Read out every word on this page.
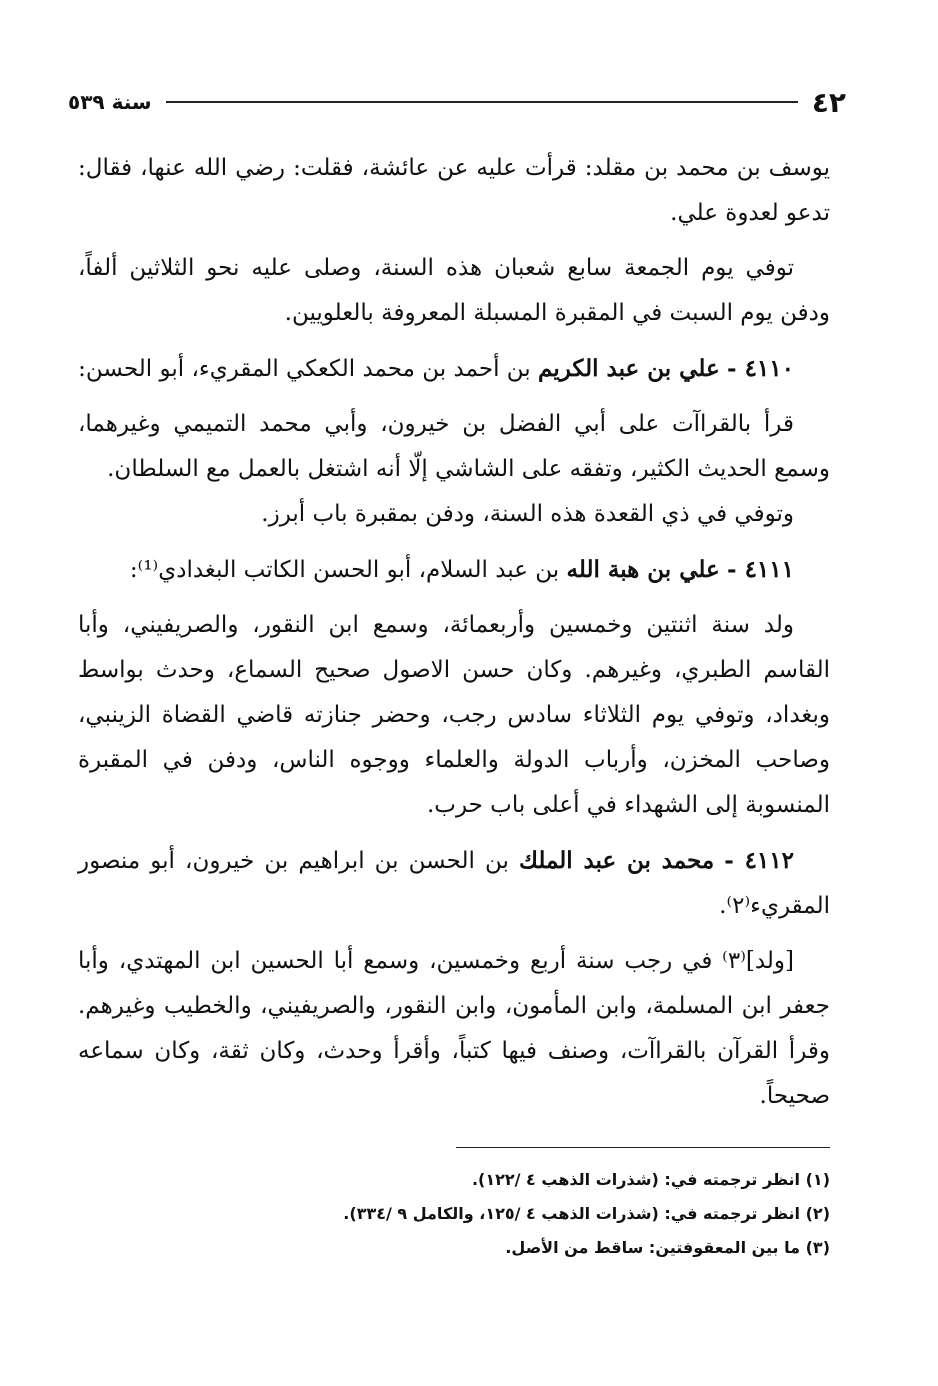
٤٢
سنة ٥٣٩

يوسف بن محمد بن مقلد: قرأت عليه عن عائشة، فقلت: رضي الله عنها، فقال: تدعو لعدوة علي.

توفي يوم الجمعة سابع شعبان هذه السنة، وصلى عليه نحو الثلاثين ألفاً، ودفن يوم السبت في المقبرة المسبلة المعروفة بالعلويين.

٤١١٠ - علي بن عبد الكريم بن أحمد بن محمد الكعكي المقريء، أبو الحسن:

قرأ بالقراآت على أبي الفضل بن خيرون، وأبي محمد التميمي وغيرهما، وسمع الحديث الكثير، وتفقه على الشاشي إلّا أنه اشتغل بالعمل مع السلطان.

وتوفي في ذي القعدة هذه السنة، ودفن بمقبرة باب أبرز.

٤١١١ - علي بن هبة الله بن عبد السلام، أبو الحسن الكاتب البغدادي⁽¹⁾:

ولد سنة اثنتين وخمسين وأربعمائة، وسمع ابن النقور، والصريفيني، وأبا القاسم الطبري، وغيرهم. وكان حسن الاصول صحيح السماع، وحدث بواسط وبغداد، وتوفي يوم الثلاثاء سادس رجب، وحضر جنازته قاضي القضاة الزينبي، وصاحب المخزن، وأرباب الدولة والعلماء ووجوه الناس، ودفن في المقبرة المنسوبة إلى الشهداء في أعلى باب حرب.

٤١١٢ - محمد بن عبد الملك بن الحسن بن ابراهيم بن خيرون، أبو منصور المقريء⁽٢⁾.

[ولد]⁽٣⁾ في رجب سنة أربع وخمسين، وسمع أبا الحسين ابن المهتدي، وأبا جعفر ابن المسلمة، وابن المأمون، وابن النقور، والصريفيني، والخطيب وغيرهم. وقرأ القرآن بالقراآت، وصنف فيها كتباً، وأقرأ وحدث، وكان ثقة، وكان سماعه صحيحاً.

(١) انظر ترجمته في: (شذرات الذهب ٤ /١٢٢).
(٢) انظر ترجمته في: (شذرات الذهب ٤ /١٢٥، والكامل ٩ /٣٣٤).
(٣) ما بين المعقوفتين: ساقط من الأصل.
